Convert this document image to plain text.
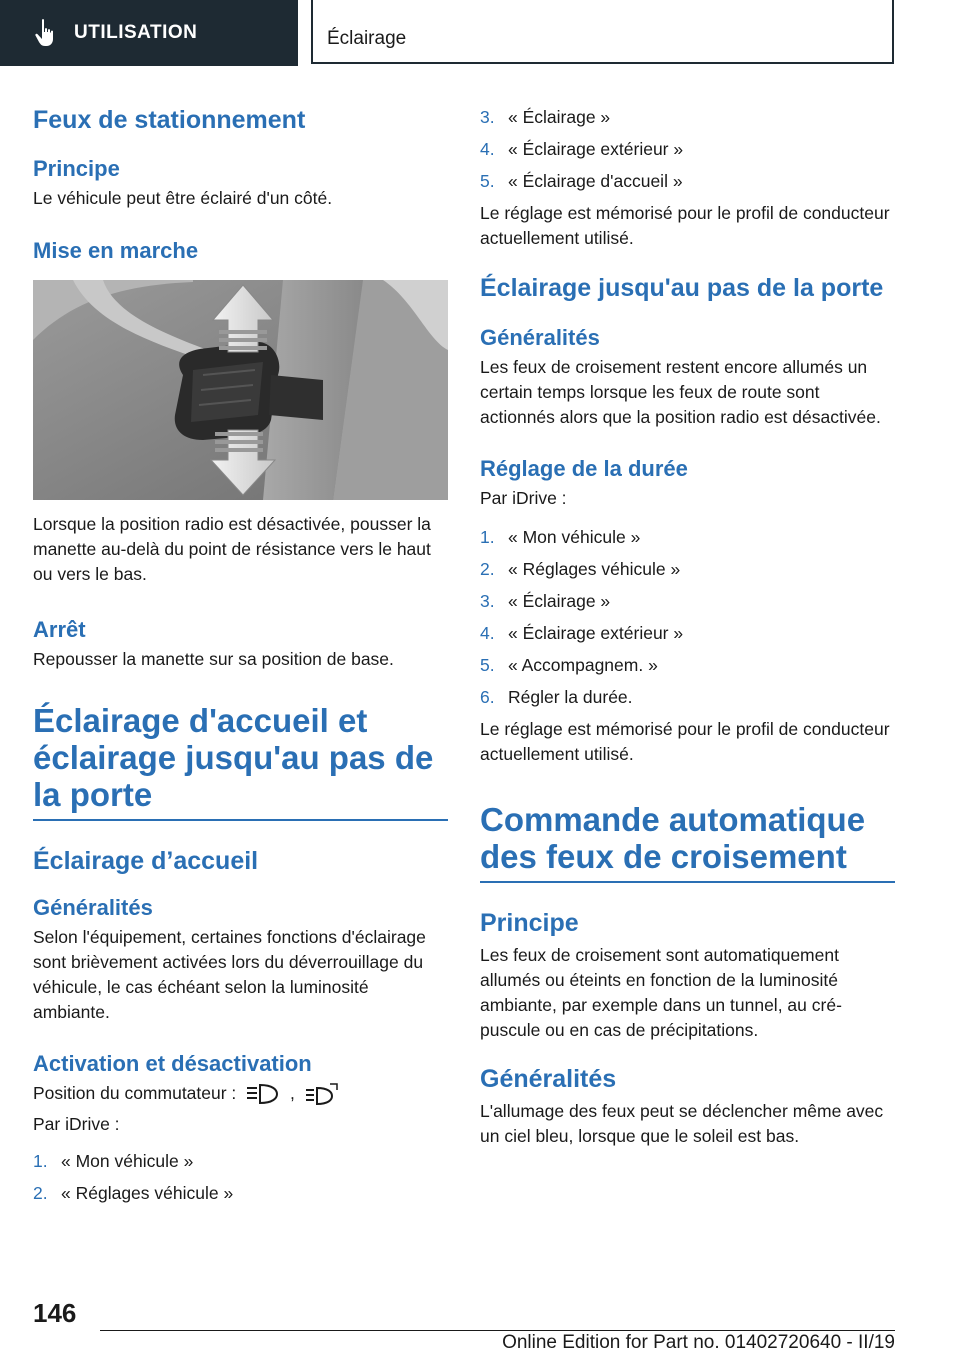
UTILISATION	Éclairage
Feux de stationnement
Principe

Le véhicule peut être éclairé d'un côté.

Mise en marche

Lorsque la position radio est désactivée, pousser la manette au-delà du point de résistance vers le haut ou vers le bas.

Arrêt

Repousser la manette sur sa position de base.

Éclairage d'accueil et éclairage jusqu'au pas de la porte
Éclairage d’accueil
Généralités

Selon l'équipement, certaines fonctions d'éclairage sont brièvement activées lors du déverrouillage du véhicule, le cas échéant selon la luminosité ambiante.

Activation et désactivation

Position du commutateur :	,

Par iDrive :

1. « Mon véhicule »
2. « Réglages véhicule »
3. « Éclairage »
4. « Éclairage extérieur »
5. « Éclairage d'accueil »

Le réglage est mémorisé pour le profil de conducteur actuellement utilisé.

Éclairage jusqu'au pas de la porte
Généralités

Les feux de croisement restent encore allumés un certain temps lorsque les feux de route sont actionnés alors que la position radio est désactivée.

Réglage de la durée

Par iDrive :

1. « Mon véhicule »
2. « Réglages véhicule »
3. « Éclairage »
4. « Éclairage extérieur »
5. « Accompagnem. »
6. Régler la durée.

Le réglage est mémorisé pour le profil de conducteur actuellement utilisé.

Commande automatique des feux de croisement
Principe

Les feux de croisement sont automatiquement allumés ou éteints en fonction de la luminosité ambiante, par exemple dans un tunnel, au crépuscule ou en cas de précipitations.

Généralités

L'allumage des feux peut se déclencher même avec un ciel bleu, lorsque que le soleil est bas.

146
Online Edition for Part no. 01402720640 - II/19
